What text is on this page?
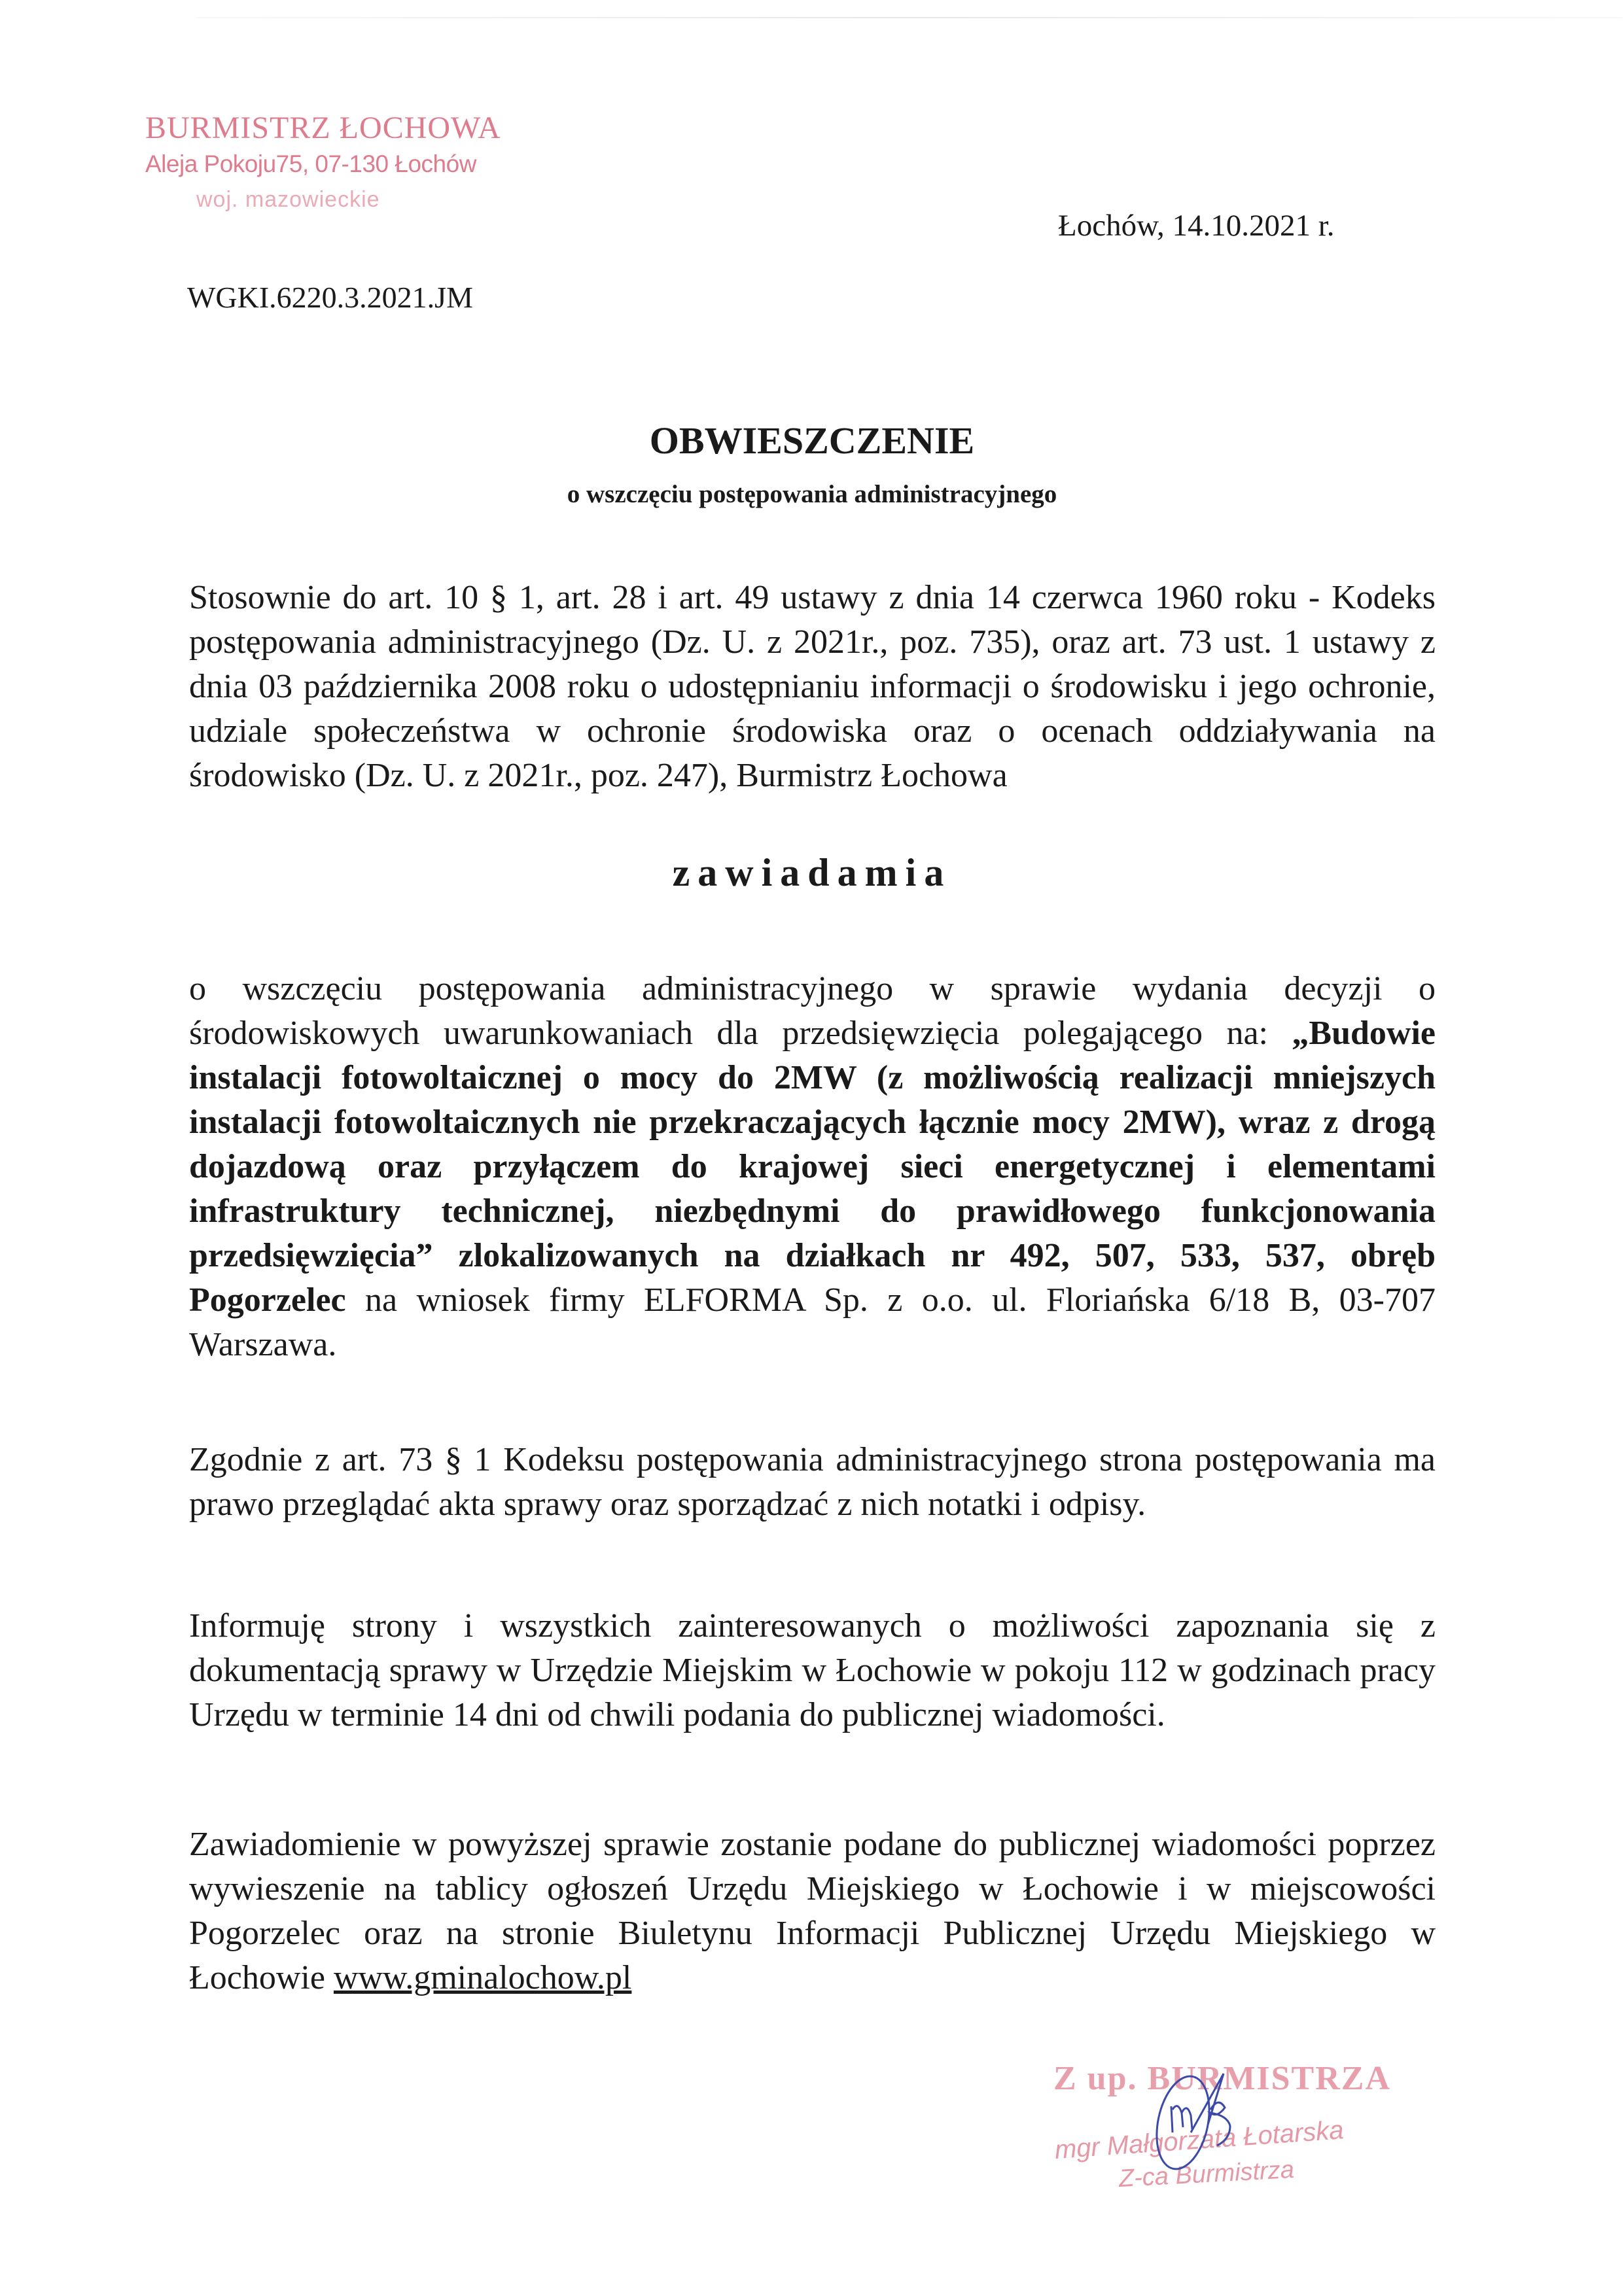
BURMISTRZ ŁOCHOWA
Aleja Pokoju75, 07-130 Łochów
woj. mazowieckie
Łochów, 14.10.2021 r.
WGKI.6220.3.2021.JM
OBWIESZCZENIE
o wszczęciu postępowania administracyjnego
Stosownie do art. 10 § 1, art. 28 i art. 49 ustawy z dnia 14 czerwca 1960 roku - Kodeks postępowania administracyjnego (Dz. U. z 2021r., poz. 735), oraz art. 73 ust. 1 ustawy z dnia 03 października 2008 roku o udostępnianiu informacji o środowisku i jego ochronie, udziale społeczeństwa w ochronie środowiska oraz o ocenach oddziaływania na środowisko (Dz. U. z 2021r., poz. 247), Burmistrz Łochowa
zawiadamia
o wszczęciu postępowania administracyjnego w sprawie wydania decyzji o środowiskowych uwarunkowaniach dla przedsięwzięcia polegającego na: „Budowie instalacji fotowoltaicznej o mocy do 2MW (z możliwością realizacji mniejszych instalacji fotowoltaicznych nie przekraczających łącznie mocy 2MW), wraz z drogą dojazdową oraz przyłączem do krajowej sieci energetycznej i elementami infrastruktury technicznej, niezbędnymi do prawidłowego funkcjonowania przedsięwzięcia” zlokalizowanych na działkach nr 492, 507, 533, 537, obręb Pogorzelec na wniosek firmy ELFORMA Sp. z o.o. ul. Floriańska 6/18 B, 03-707 Warszawa.
Zgodnie z art. 73 § 1 Kodeksu postępowania administracyjnego strona postępowania ma prawo przeglądać akta sprawy oraz sporządzać z nich notatki i odpisy.
Informuję strony i wszystkich zainteresowanych o możliwości zapoznania się z dokumentacją sprawy w Urzędzie Miejskim w Łochowie w pokoju 112 w godzinach pracy Urzędu w terminie 14 dni od chwili podania do publicznej wiadomości.
Zawiadomienie w powyższej sprawie zostanie podane do publicznej wiadomości poprzez wywieszenie na tablicy ogłoszeń Urzędu Miejskiego w Łochowie i w miejscowości Pogorzelec oraz na stronie Biuletynu Informacji Publicznej Urzędu Miejskiego w Łochowie www.gminalochow.pl
Z up. BURMISTRZA
mgr Małgorzata Łotarska
Z-ca Burmistrza
